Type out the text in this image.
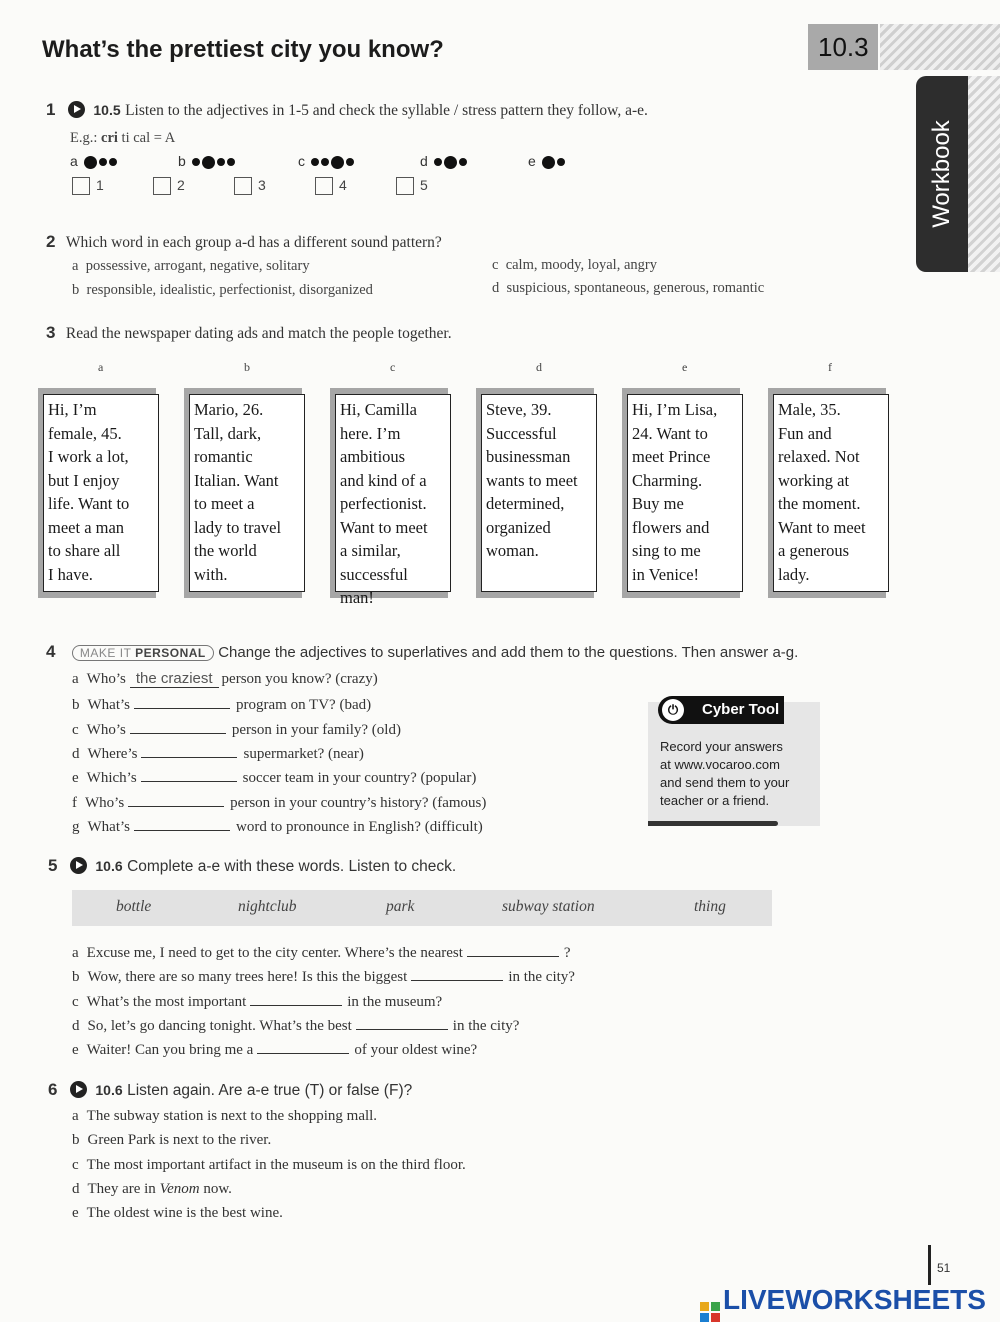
What’s the prettiest city you know?	10.3
Workbook
1	10.5 Listen to the adjectives in 1-5 and check the syllable / stress pattern they follow, a-e.
E.g.: cri ti cal = A
a	b	c	d	e
1	2	3	4	5
2 Which word in each group a-d has a different sound pattern?
a possessive, arrogant, negative, solitary
b responsible, idealistic, perfectionist, disorganized
c calm, moody, loyal, angry
d suspicious, spontaneous, generous, romantic
3 Read the newspaper dating ads and match the people together.
a
Hi, I’m
female, 45.
I work a lot,
but I enjoy
life. Want to
meet a man
to share all
I have.
b
Mario, 26.
Tall, dark,
romantic
Italian. Want
to meet a
lady to travel
the world
with.
c
Hi, Camilla
here. I’m
ambitious
and kind of a
perfectionist.
Want to meet
a similar,
successful
man!
d
Steve, 39.
Successful
businessman
wants to meet
determined,
organized
woman.
e
Hi, I’m Lisa,
24. Want to
meet Prince
Charming.
Buy me
flowers and
sing to me
in Venice!
f
Male, 35.
Fun and
relaxed. Not
working at
the moment.
Want to meet
a generous
lady.
4 MAKE IT PERSONAL Change the adjectives to superlatives and add them to the questions. Then answer a-g.
a Who’s the craziest person you know? (crazy)
b What’s	program on TV? (bad)
c Who’s	person in your family? (old)
d Where’s	supermarket? (near)
e Which’s	soccer team in your country? (popular)
f Who’s	person in your country’s history? (famous)
g What’s	word to pronounce in English? (difficult)
⏻	Cyber Tool
Record your answers
at www.vocaroo.com
and send them to your
teacher or a friend.
5	10.6 Complete a-e with these words. Listen to check.
bottle	nightclub	park	subway station	thing
a Excuse me, I need to get to the city center. Where’s the nearest	?
b Wow, there are so many trees here! Is this the biggest	in the city?
c What’s the most important	in the museum?
d So, let’s go dancing tonight. What’s the best	in the city?
e Waiter! Can you bring me a	of your oldest wine?
6	10.6 Listen again. Are a-e true (T) or false (F)?
a The subway station is next to the shopping mall.
b Green Park is next to the river.
c The most important artifact in the museum is on the third floor.
d They are in Venom now.
e The oldest wine is the best wine.
51
LIVEWORKSHEETS
